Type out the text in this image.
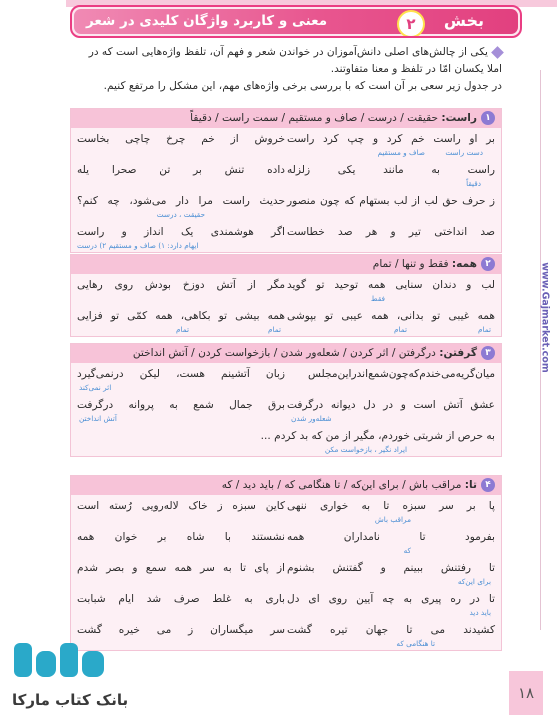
بخش
۲
معنی و کاربرد واژگان کلیدی در شعر
www.Gajmarket.com
یکی از چالش‌های اصلی دانش‌آموزان در خواندن شعر و فهم آن، تلفظ واژه‌هایی است که در
املا یکسان امّا در تلفظ و معنا متفاوتند.
در جدول زیر سعی بر آن است که با بررسی برخی واژه‌های مهم، این مشکل را مرتفع کنیم.
۱راست: حقیقت / درست / صاف و مستقیم / سمت راست / دقیقاً
بر او راست خم کرد و چپ کرد راست
دست راست
صاف و مستقیم
خروش از خم چرخ چاچی بخاست
راست به مانند یکی زلزله
دقیقاً
داده تنش بر تن صحرا یله
ز حرف حق لب از لب بستهام که چون منصور
حدیث راست مرا دار می‌شود، چه کنم؟
حقیقت ، درست
صد انداختی تیر و هر صد خطاست
اگر هوشمندی یک انداز و راست
ایهام دارد: ۱) صاف و مستقیم ۲) درست
۲همه: فقط و تنها / تمام
لب و دندان سنایی همه توحید تو گوید
فقط
مگر از آتش دوزخ بودش روی رهایی
همه غیبی تو بدانی، همه عیبی تو بپوشی
تمام
تمام
همه بیشی تو بکاهی، همه کمّی تو فزایی
تمام
تمام
۳گرفتن: درگرفتن / اثر کردن / شعله‌ور شدن / بازخواست کردن / آتش انداختن
میان‌گریه‌می‌خندم‌که‌چون‌شمع‌اندراین‌مجلس
زبان آتشینم هست، لیکن درنمی‌گیرد
اثر نمی‌کند
عشق آتش است و در دل دیوانه درگرفت
شعله‌ور شدن
برق جمال شمع به پروانه درگرفت
آتش انداختن
به حرص از شربتی خوردم، مگیر از من که بد کردم ...
ایراد نگیر ، بازخواست مکن
۴تا: مراقب باش / برای این‌که / تا هنگامی که / باید دید / که
پا بر سر سبزه تا به خواری ننهی
مراقب باش
کاین سبزه ز خاک لاله‌رویی رُسته است
بفرمود تا نامداران همه
که
نشستند با شاه بر خوان همه
تا رفتنش ببینم و گفتنش بشنوم
برای این‌که
از پای تا به سر همه سمع و بصر شدم
تا در ره پیری به چه آیین روی ای دل
باید دید
باری به غلط صرف شد ایام شبابت
کشیدند می تا جهان تیره گشت
تا هنگامی که
سر میگساران ز می خیره گشت
بانک کتاب مارکا	۱۸
